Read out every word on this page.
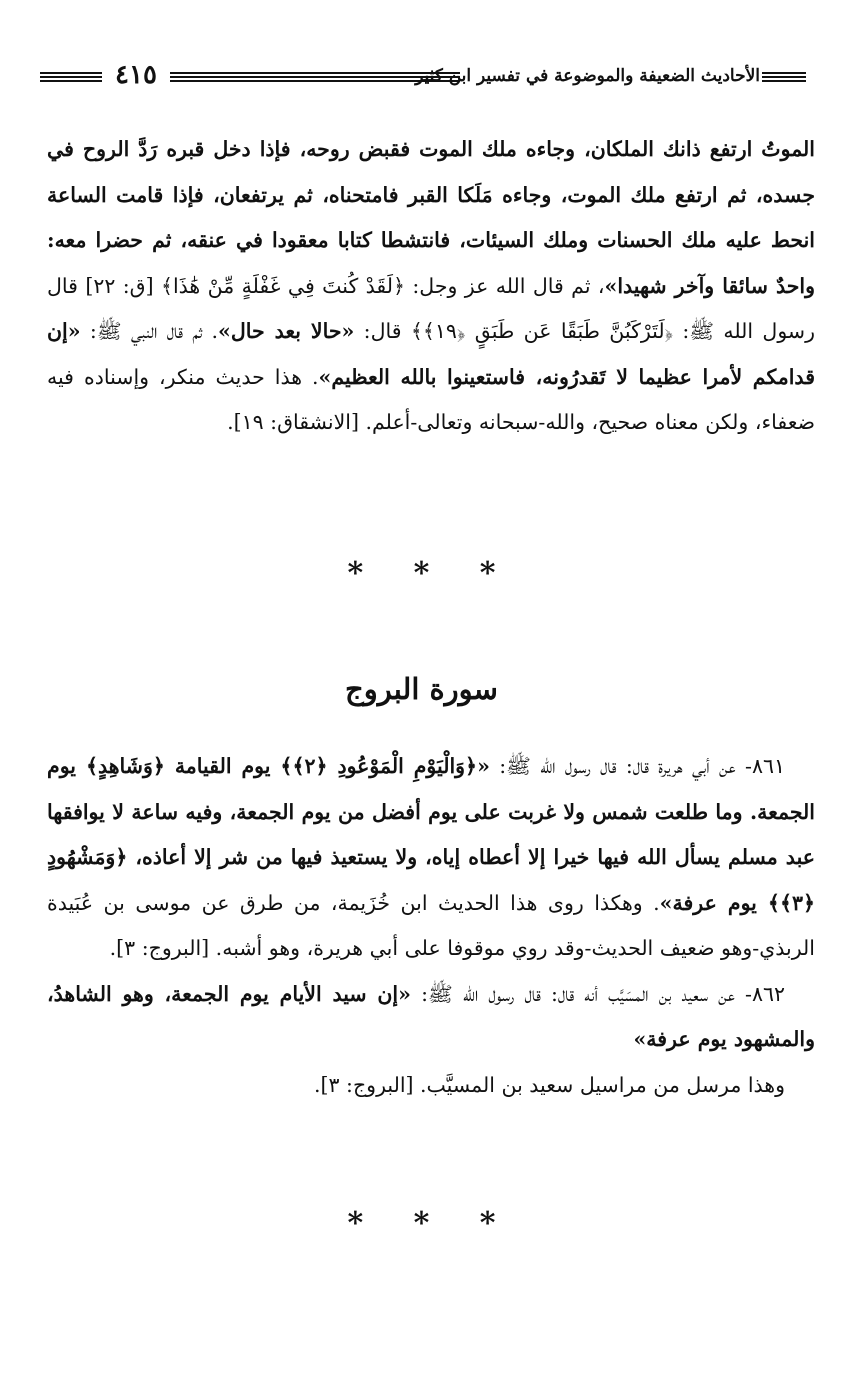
٤١٥	الأحاديث الضعيفة والموضوعة في تفسير ابن كثير

الموتُ ارتفع ذانك الملكان، وجاءه ملك الموت فقبض روحه، فإذا دخل قبره رَدَّ الروح في جسده، ثم ارتفع ملك الموت، وجاءه مَلَكا القبر فامتحناه، ثم يرتفعان، فإذا قامت الساعة انحط عليه ملك الحسنات وملك السيئات، فانتشطا كتابا معقودا في عنقه، ثم حضرا معه: واحدٌ سائقا وآخر شهيدا»، ثم قال الله عز وجل: ﴿لَقَدْ كُنتَ فِي غَفْلَةٍ مِّنْ هَٰذَا﴾ [ق: ٢٢] قال رسول الله ﷺ: ﴿لَتَرْكَبُنَّ طَبَقًا عَن طَبَقٍ ﴿١٩﴾﴾ قال: «حالا بعد حال». ثم قال النبي ﷺ: «إن قدامكم لأمرا عظيما لا تَقدرُونه، فاستعينوا بالله العظيم». هذا حديث منكر، وإسناده فيه ضعفاء، ولكن معناه صحيح، والله-سبحانه وتعالى-أعلم. [الانشقاق: ١٩].

* * *
سورة البروج

٨٦١- عن أبي هريرة قال: قال رسول الله ﷺ: «﴿وَالْيَوْمِ الْمَوْعُودِ ﴿٢﴾﴾ يوم القيامة ﴿وَشَاهِدٍ﴾ يوم الجمعة. وما طلعت شمس ولا غربت على يوم أفضل من يوم الجمعة، وفيه ساعة لا يوافقها عبد مسلم يسأل الله فيها خيرا إلا أعطاه إياه، ولا يستعيذ فيها من شر إلا أعاذه، ﴿وَمَشْهُودٍ ﴿٣﴾﴾ يوم عرفة». وهكذا روى هذا الحديث ابن خُزَيمة، من طرق عن موسى بن عُبَيدة الربذي-وهو ضعيف الحديث-وقد روي موقوفا على أبي هريرة، وهو أشبه. [البروج: ٣].

٨٦٢- عن سعيد بن المسَيَّب أنه قال: قال رسول الله ﷺ: «إن سيد الأيام يوم الجمعة، وهو الشاهدُ، والمشهود يوم عرفة»

وهذا مرسل من مراسيل سعيد بن المسيَّب. [البروج: ٣].

* * *
